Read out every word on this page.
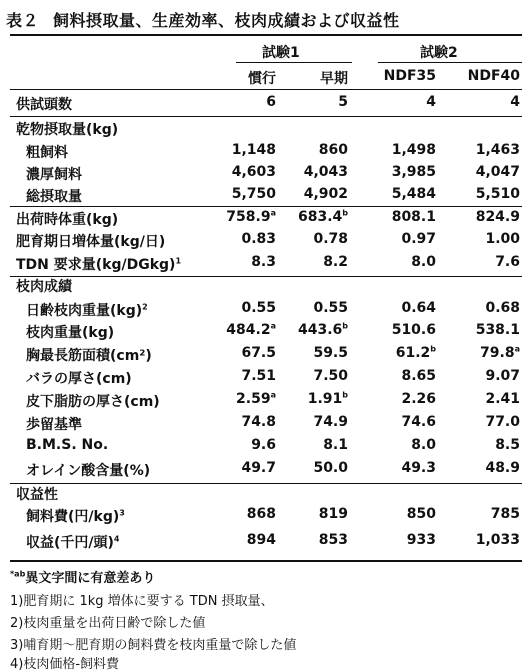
表２ 飼料摂取量、生産効率、枝肉成績および収益性
試験1	試験2
慣行	早期	NDF35 NDF40
供試頭数	6	5	4	4
乾物摂取量(kg)
粗飼料	1,148	860	1,498	1,463
濃厚飼料	4,603 4,043	3,985	4,047
総摂取量	5,750 4,902	5,484	5,510
出荷時体重(kg)	758.9$^a$ 683.4$^b$	808.1	824.9
肥育期日増体量(kg/日)	0.83	0.78	0.97	1.00
TDN 要求量(kg/DGkg)$^1$	8.3	8.2	8.0	7.6
枝肉成績
日齢枝肉重量(kg)$^2$	0.55	0.55	0.64	0.68
枝肉重量(kg)	484.2$^a$ 443.6$^b$	510.6	538.1
胸最長筋面積(cm²)	67.5	59.5	61.2$^b$	79.8$^a$
バラの厚さ(cm)	7.51	7.50	8.65	9.07
皮下脂肪の厚さ(cm)	2.59$^a$ 1.91$^b$	2.26	2.41
歩留基準	74.8	74.9	74.6	77.0
B.M.S. No.	9.6	8.1	8.0	8.5
オレイン酸含量(%)	49.7	50.0	49.3	48.9
収益性
飼料費(円/kg)$^3$	868	819	850	785
収益(千円/頭)$^4$	894	853	933	1,033
$^{*ab}$異文字間に有意差あり
1)肥育期に 1kg 増体に要する TDN 摂取量、
2)枝肉重量を出荷日齢で除した値
3)哺育期～肥育期の飼料費を枝肉重量で除した値
4)枝肉価格-飼料費
